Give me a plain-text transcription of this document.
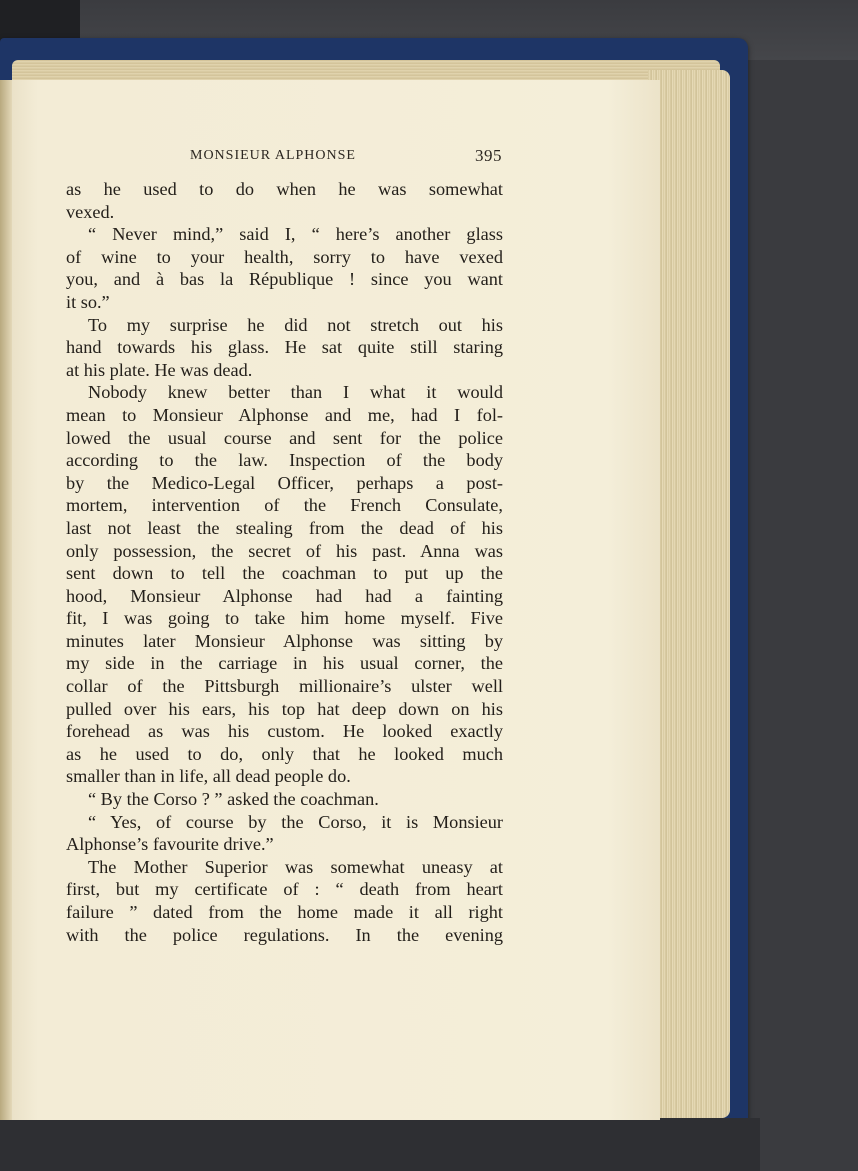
MONSIEUR ALPHONSE	395
as he used to do when he was somewhat
vexed.
“ Never mind,” said I, “ here’s another glass
of wine to your health, sorry to have vexed
you, and à bas la République ! since you want
it so.”
To my surprise he did not stretch out his
hand towards his glass. He sat quite still staring
at his plate. He was dead.
Nobody knew better than I what it would
mean to Monsieur Alphonse and me, had I fol-
lowed the usual course and sent for the police
according to the law. Inspection of the body
by the Medico-Legal Officer, perhaps a post-
mortem, intervention of the French Consulate,
last not least the stealing from the dead of his
only possession, the secret of his past. Anna was
sent down to tell the coachman to put up the
hood, Monsieur Alphonse had had a fainting
fit, I was going to take him home myself. Five
minutes later Monsieur Alphonse was sitting by
my side in the carriage in his usual corner, the
collar of the Pittsburgh millionaire’s ulster well
pulled over his ears, his top hat deep down on his
forehead as was his custom. He looked exactly
as he used to do, only that he looked much
smaller than in life, all dead people do.
“ By the Corso ? ” asked the coachman.
“ Yes, of course by the Corso, it is Monsieur
Alphonse’s favourite drive.”
The Mother Superior was somewhat uneasy at
first, but my certificate of : “ death from heart
failure ” dated from the home made it all right
with the police regulations. In the evening
